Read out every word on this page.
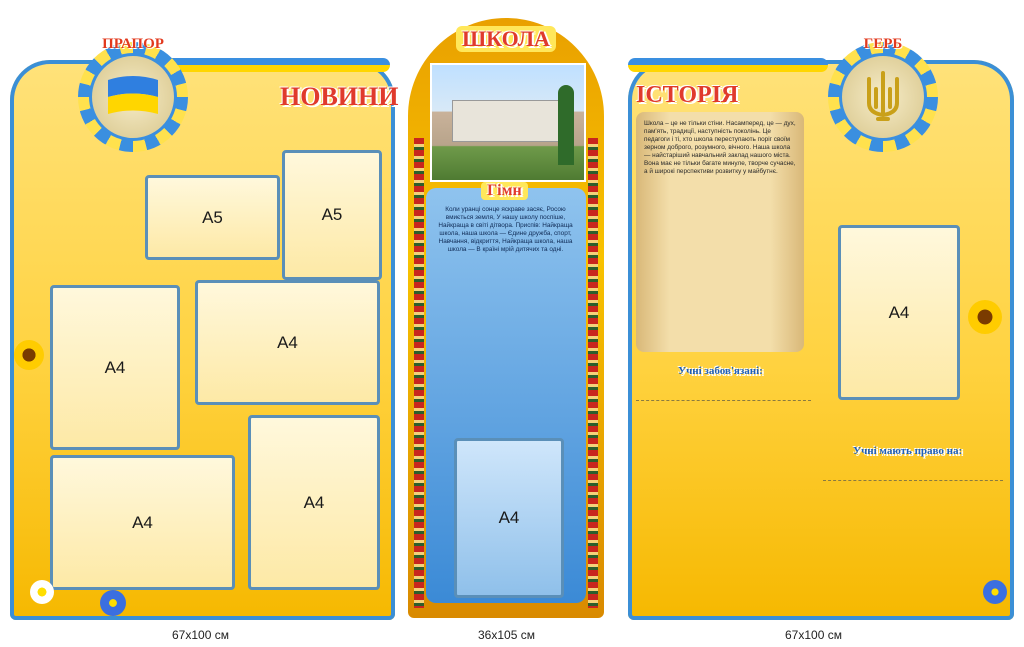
НОВИНИ
A5	A5
A4
A4
A4
A4
ПРАПОР
67x100 см
ШКОЛА
Гімн
Коли уранці сонце яскраве засяє, Росою вмиється земля, У нашу школу поспіше, Найкраща в світі дітвора. Приспів: Найкраща школа, наша школа — Єдине дружба, спорт, Навчання, відкриття, Найкраща школа, наша школа — В країні мрій дитячих та одні.
A4
36x105 см
ІСТОРІЯ
Школа – це не тільки стіни. Насамперед, це — дух, пам'ять, традиції, наступність поколінь. Це педагоги і ті, хто школа переступають поріг своїм зерном доброго, розумного, вічного. Наша школа — найстаріший навчальний заклад нашого міста. Вона має не тільки багате минуле, творче сучасне, а й широкі перспективи розвитку у майбутнє.
Учні забов'язані:
Учні мають право на:
A4
ГЕРБ
67x100 см
